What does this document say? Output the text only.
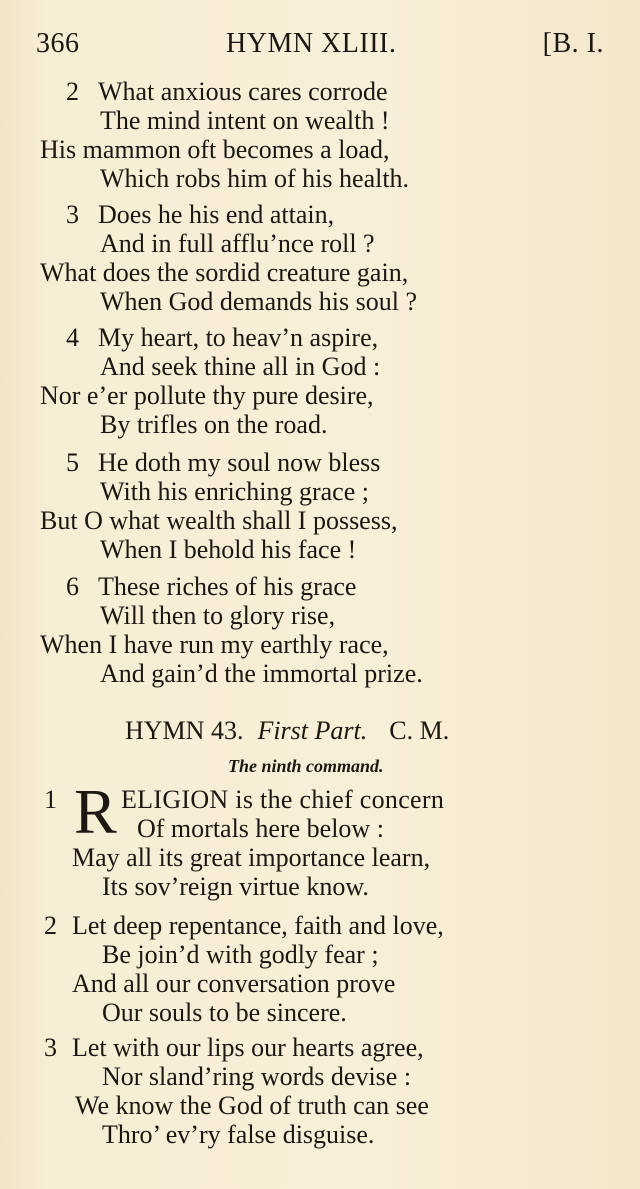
366	HYMN XLIII.	[B. I.
2 What anxious cares corrode
The mind intent on wealth !
His mammon oft becomes a load,
Which robs him of his health.
3 Does he his end attain,
And in full afflu’nce roll ?
What does the sordid creature gain,
When God demands his soul ?
4 My heart, to heav’n aspire,
And seek thine all in God :
Nor e’er pollute thy pure desire,
By trifles on the road.
5 He doth my soul now bless
With his enriching grace ;
But O what wealth shall I possess,
When I behold his face !
6 These riches of his grace
Will then to glory rise,
When I have run my earthly race,
And gain’d the immortal prize.
HYMN 43. First Part. C. M.
The ninth command.
1 R ELIGION is the chief concern
Of mortals here below :
May all its great importance learn,
Its sov’reign virtue know.
2 Let deep repentance, faith and love,
Be join’d with godly fear ;
And all our conversation prove
Our souls to be sincere.
3 Let with our lips our hearts agree,
Nor sland’ring words devise :
We know the God of truth can see
Thro’ ev’ry false disguise.
